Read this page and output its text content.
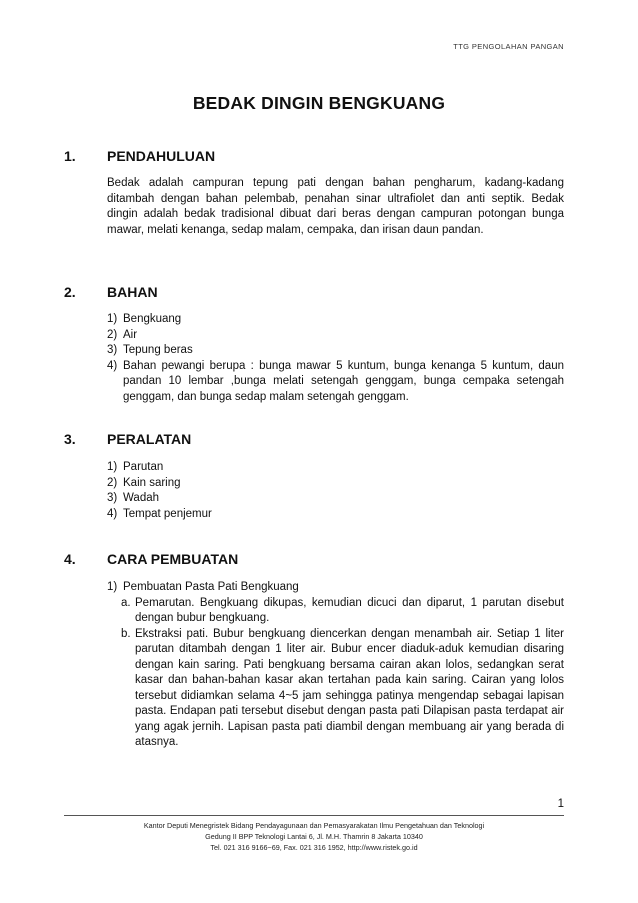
TTG PENGOLAHAN PANGAN
BEDAK DINGIN BENGKUANG
1.	PENDAHULUAN

Bedak adalah campuran tepung pati dengan bahan pengharum, kadang-kadang ditambah dengan bahan pelembab, penahan sinar ultrafiolet dan anti septik. Bedak dingin adalah bedak tradisional dibuat dari beras dengan campuran potongan bunga mawar, melati kenanga, sedap malam, cempaka, dan irisan daun pandan.

2.	BAHAN
1) Bengkuang
2) Air
3) Tepung beras
4) Bahan pewangi berupa : bunga mawar 5 kuntum, bunga kenanga 5 kuntum, daun pandan 10 lembar ,bunga melati setengah genggam, bunga cempaka setengah genggam, dan bunga sedap malam setengah genggam.
3.	PERALATAN
1) Parutan
2) Kain saring
3) Wadah
4) Tempat penjemur
4.	CARA PEMBUATAN
1) Pembuatan Pasta Pati Bengkuang
a. Pemarutan. Bengkuang dikupas, kemudian dicuci dan diparut, 1 parutan disebut dengan bubur bengkuang.
b. Ekstraksi pati. Bubur bengkuang diencerkan dengan menambah air. Setiap 1 liter parutan ditambah dengan 1 liter air. Bubur encer diaduk-aduk kemudian disaring dengan kain saring. Pati bengkuang bersama cairan akan lolos, sedangkan serat kasar dan bahan-bahan kasar akan tertahan pada kain saring. Cairan yang lolos tersebut didiamkan selama 4~5 jam sehingga patinya mengendap sebagai lapisan pasta. Endapan pati tersebut disebut dengan pasta pati Dilapisan pasta terdapat air yang agak jernih. Lapisan pasta pati diambil dengan membuang air yang berada di atasnya.
1
Kantor Deputi Menegristek Bidang Pendayagunaan dan Pemasyarakatan Ilmu Pengetahuan dan Teknologi
Gedung II BPP Teknologi Lantai 6, Jl. M.H. Thamrin 8 Jakarta 10340
Tel. 021 316 9166~69, Fax. 021 316 1952, http://www.ristek.go.id
